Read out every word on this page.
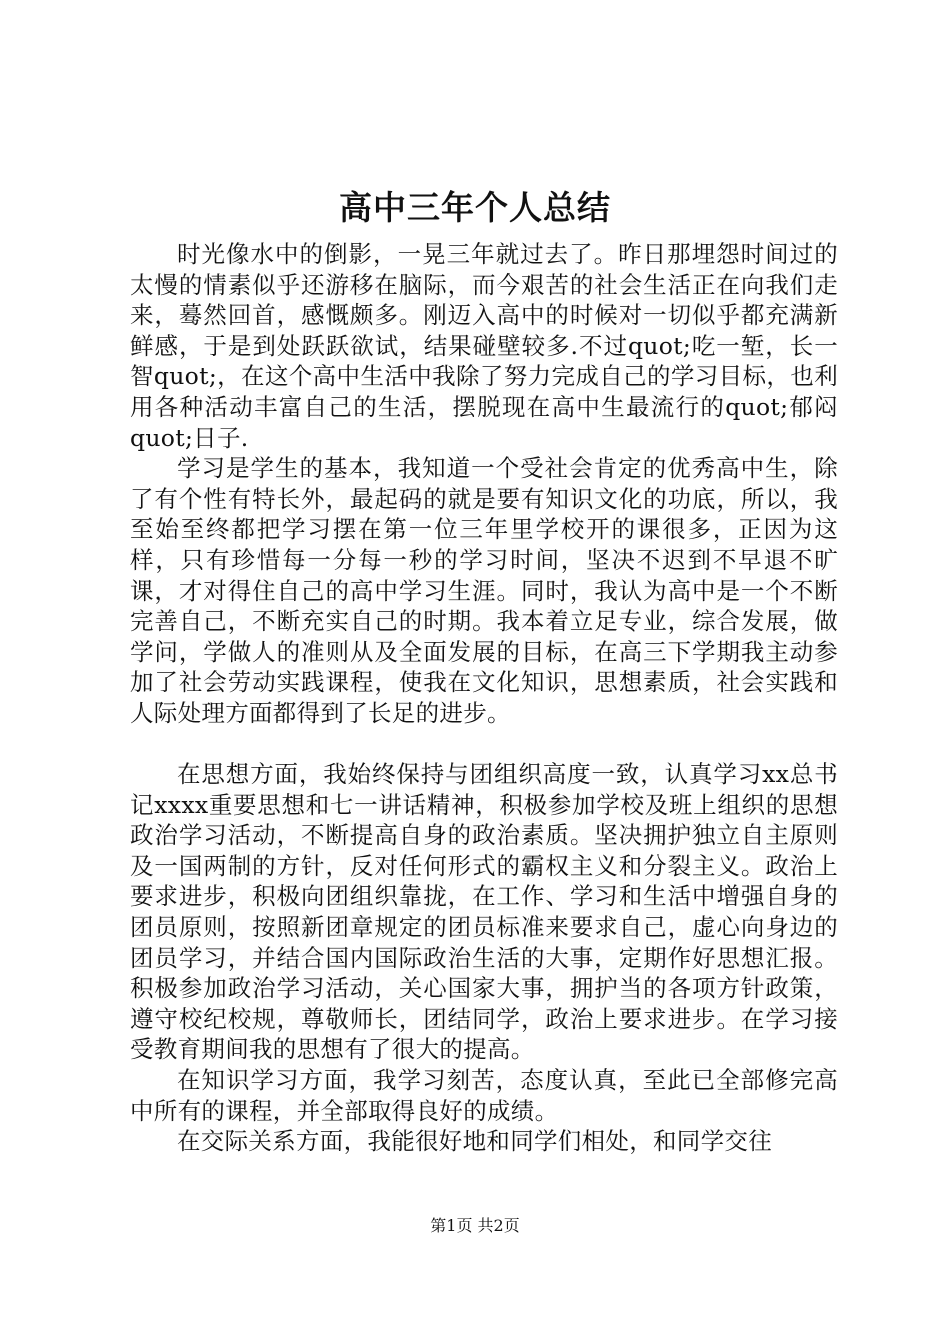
高中三年个人总结

时光像水中的倒影，一晃三年就过去了。昨日那埋怨时间过的太慢的情素似乎还游移在脑际，而今艰苦的社会生活正在向我们走来，蓦然回首，感慨颇多。刚迈入高中的时候对一切似乎都充满新鲜感，于是到处跃跃欲试，结果碰壁较多.不过quot;吃一堑，长一智quot;，在这个高中生活中我除了努力完成自己的学习目标，也利用各种活动丰富自己的生活，摆脱现在高中生最流行的quot;郁闷quot;日子.

学习是学生的基本，我知道一个受社会肯定的优秀高中生，除了有个性有特长外，最起码的就是要有知识文化的功底，所以，我至始至终都把学习摆在第一位三年里学校开的课很多，正因为这样，只有珍惜每一分每一秒的学习时间，坚决不迟到不早退不旷课，才对得住自己的高中学习生涯。同时，我认为高中是一个不断完善自己，不断充实自己的时期。我本着立足专业，综合发展，做学问，学做人的准则从及全面发展的目标，在高三下学期我主动参加了社会劳动实践课程，使我在文化知识，思想素质，社会实践和人际处理方面都得到了长足的进步。

在思想方面，我始终保持与团组织高度一致，认真学习xx总书记xxxx重要思想和七一讲话精神，积极参加学校及班上组织的思想政治学习活动，不断提高自身的政治素质。坚决拥护独立自主原则及一国两制的方针，反对任何形式的霸权主义和分裂主义。政治上要求进步，积极向团组织靠拢，在工作、学习和生活中增强自身的团员原则，按照新团章规定的团员标准来要求自己，虚心向身边的团员学习，并结合国内国际政治生活的大事，定期作好思想汇报。积极参加政治学习活动，关心国家大事，拥护当的各项方针政策，遵守校纪校规，尊敬师长，团结同学，政治上要求进步。在学习接受教育期间我的思想有了很大的提高。

在知识学习方面，我学习刻苦，态度认真，至此已全部修完高中所有的课程，并全部取得良好的成绩。

在交际关系方面，我能很好地和同学们相处，和同学交往

第1页 共2页
